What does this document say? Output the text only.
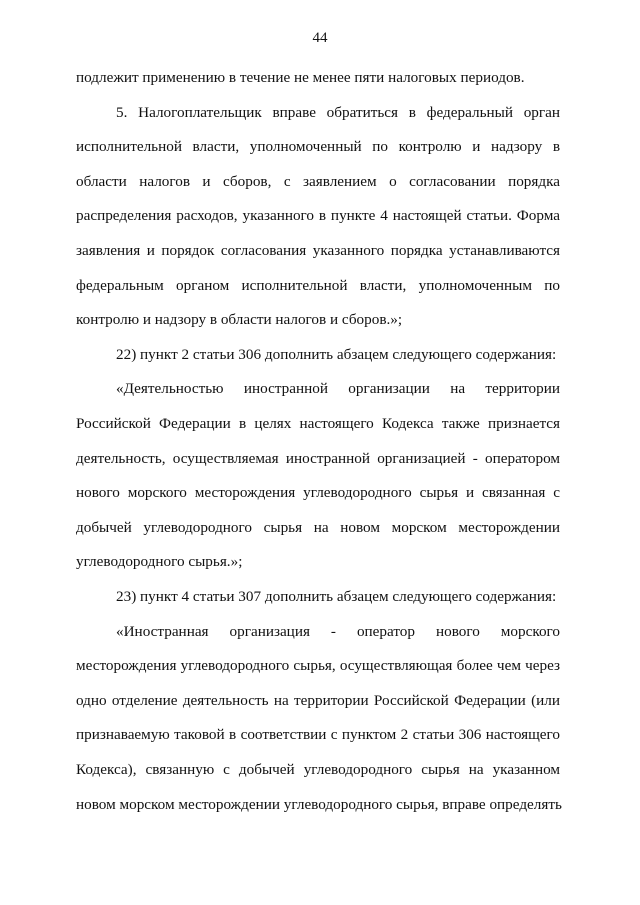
44
подлежит применению в течение не менее пяти налоговых периодов.
5. Налогоплательщик вправе обратиться в федеральный орган
исполнительной власти, уполномоченный по контролю и надзору в
области налогов и сборов, с заявлением о согласовании порядка
распределения расходов, указанного в пункте 4 настоящей статьи. Форма
заявления и порядок согласования указанного порядка устанавливаются
федеральным органом исполнительной власти, уполномоченным по
контролю и надзору в области налогов и сборов.»;
22) пункт 2 статьи 306 дополнить абзацем следующего содержания:
«Деятельностью иностранной организации на территории
Российской Федерации в целях настоящего Кодекса также признается
деятельность, осуществляемая иностранной организацией - оператором
нового морского месторождения углеводородного сырья и связанная с
добычей углеводородного сырья на новом морском месторождении
углеводородного сырья.»;
23) пункт 4 статьи 307 дополнить абзацем следующего содержания:
«Иностранная организация - оператор нового морского
месторождения углеводородного сырья, осуществляющая более чем через
одно отделение деятельность на территории Российской Федерации (или
признаваемую таковой в соответствии с пунктом 2 статьи 306 настоящего
Кодекса), связанную с добычей углеводородного сырья на указанном
новом морском месторождении углеводородного сырья, вправе определять
